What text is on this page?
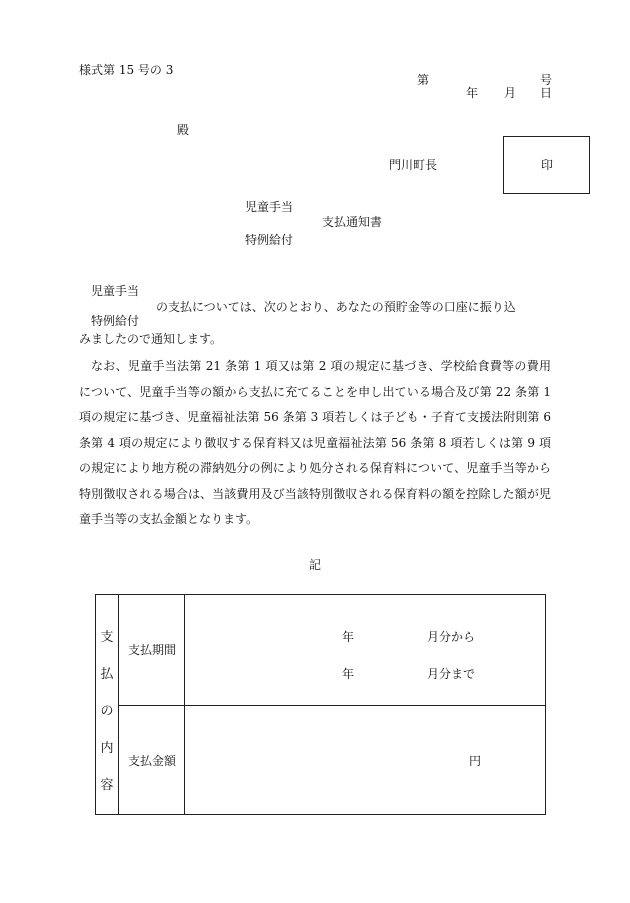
様式第 15 号の 3
第	号
年 月 日
殿
門川町長	印
児童手当
支払通知書
特例給付
児童手当
の支払については、次のとおり、あなたの預貯金等の口座に振り込
特例給付
みましたので通知します。
なお、児童手当法第 21 条第 1 項又は第 2 項の規定に基づき、学校給食費等の費用について、児童手当等の額から支払に充てることを申し出ている場合及び第 22 条第 1 項の規定に基づき、児童福祉法第 56 条第 3 項若しくは子ども・子育て支援法附則第 6 条第 4 項の規定により徴収する保育料又は児童福祉法第 56 条第 8 項若しくは第 9 項の規定により地方税の滞納処分の例により処分される保育料について、児童手当等から特別徴収される場合は、当該費用及び当該特別徴収される保育料の額を控除した額が児童手当等の支払金額となります。
記
支
払
の
内
容
支払期間
年	月分から
年	月分まで
支払金額	円
